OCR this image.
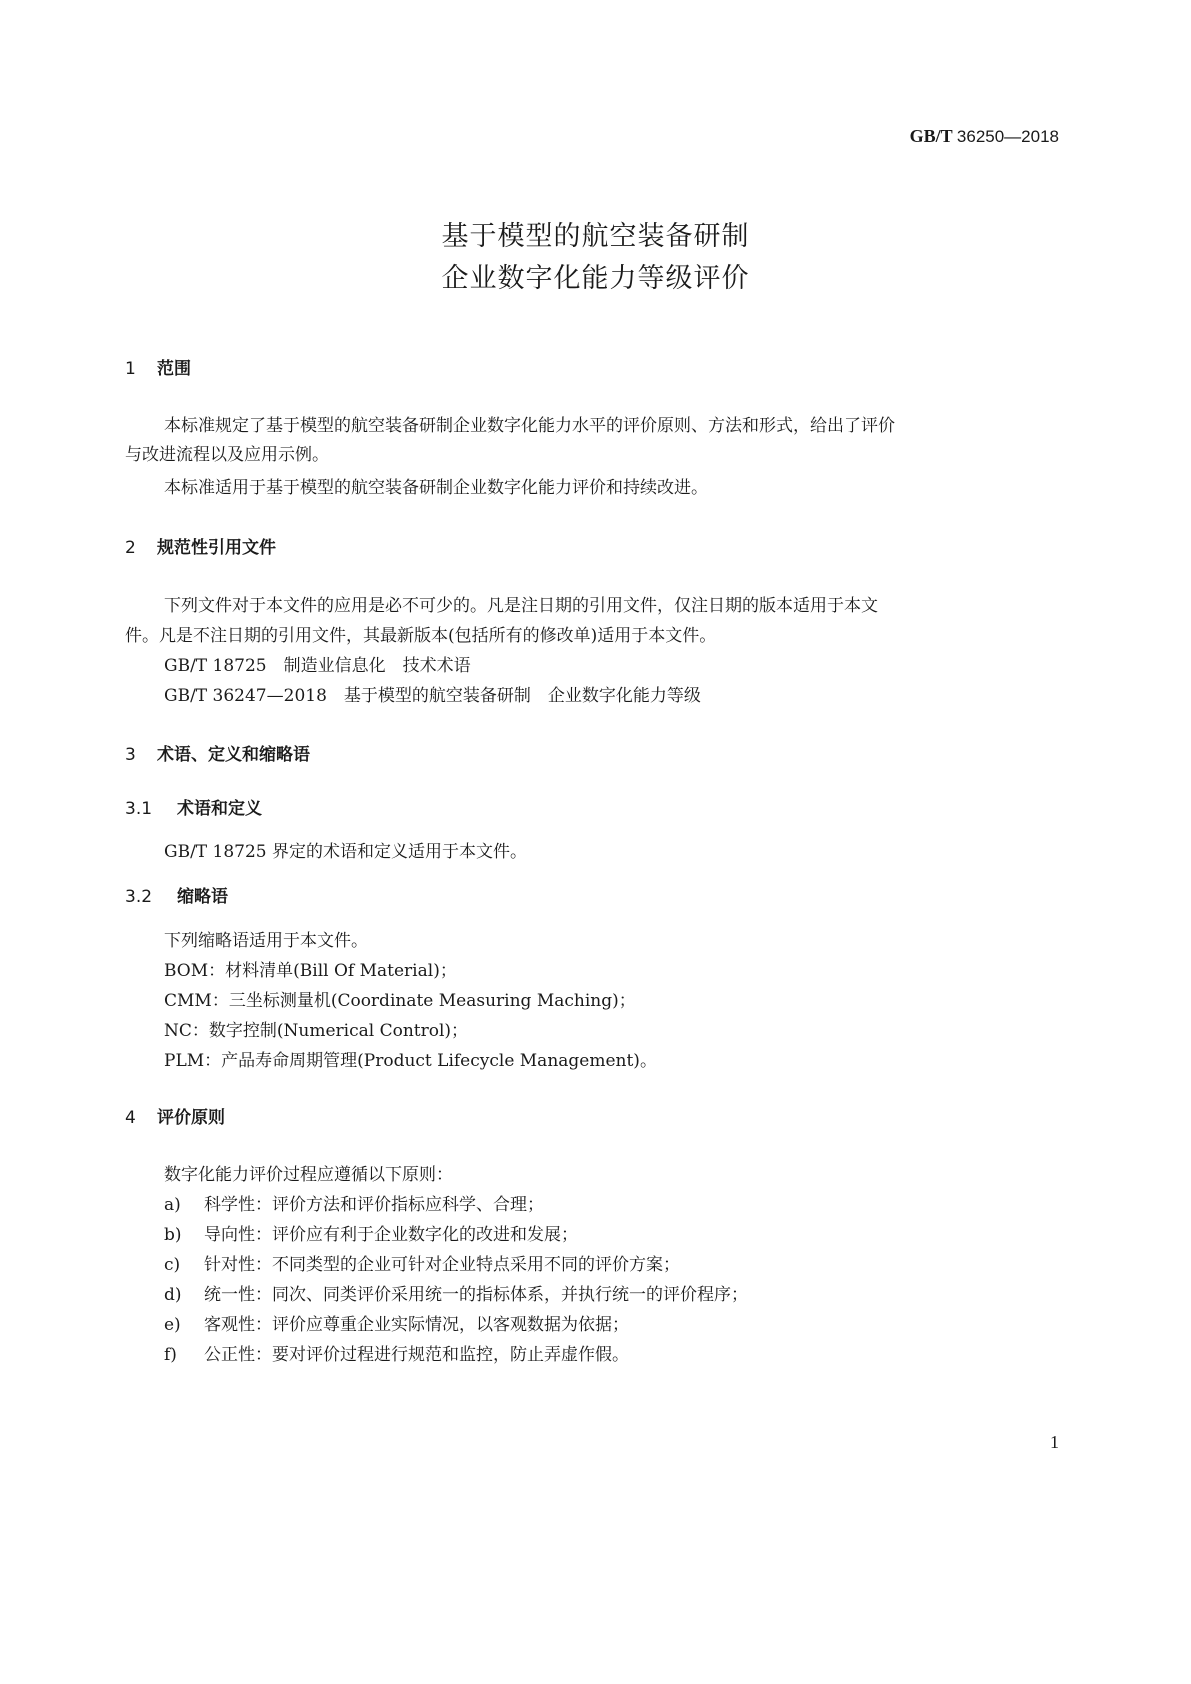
GB/T 36250—2018
基于模型的航空装备研制
企业数字化能力等级评价
1 范围
本标准规定了基于模型的航空装备研制企业数字化能力水平的评价原则、方法和形式，给出了评价
与改进流程以及应用示例。
本标准适用于基于模型的航空装备研制企业数字化能力评价和持续改进。
2 规范性引用文件
下列文件对于本文件的应用是必不可少的。凡是注日期的引用文件，仅注日期的版本适用于本文
件。凡是不注日期的引用文件，其最新版本(包括所有的修改单)适用于本文件。
GB/T 18725　制造业信息化　技术术语
GB/T 36247—2018　基于模型的航空装备研制　企业数字化能力等级
3 术语、定义和缩略语
3.1 术语和定义
GB/T 18725 界定的术语和定义适用于本文件。
3.2 缩略语
下列缩略语适用于本文件。
BOM：材料清单(Bill Of Material)；
CMM：三坐标测量机(Coordinate Measuring Maching)；
NC：数字控制(Numerical Control)；
PLM：产品寿命周期管理(Product Lifecycle Management)。
4 评价原则
数字化能力评价过程应遵循以下原则：
a) 科学性：评价方法和评价指标应科学、合理；
b) 导向性：评价应有利于企业数字化的改进和发展；
c) 针对性：不同类型的企业可针对企业特点采用不同的评价方案；
d) 统一性：同次、同类评价采用统一的指标体系，并执行统一的评价程序；
e) 客观性：评价应尊重企业实际情况，以客观数据为依据；
f) 公正性：要对评价过程进行规范和监控，防止弄虚作假。
1
